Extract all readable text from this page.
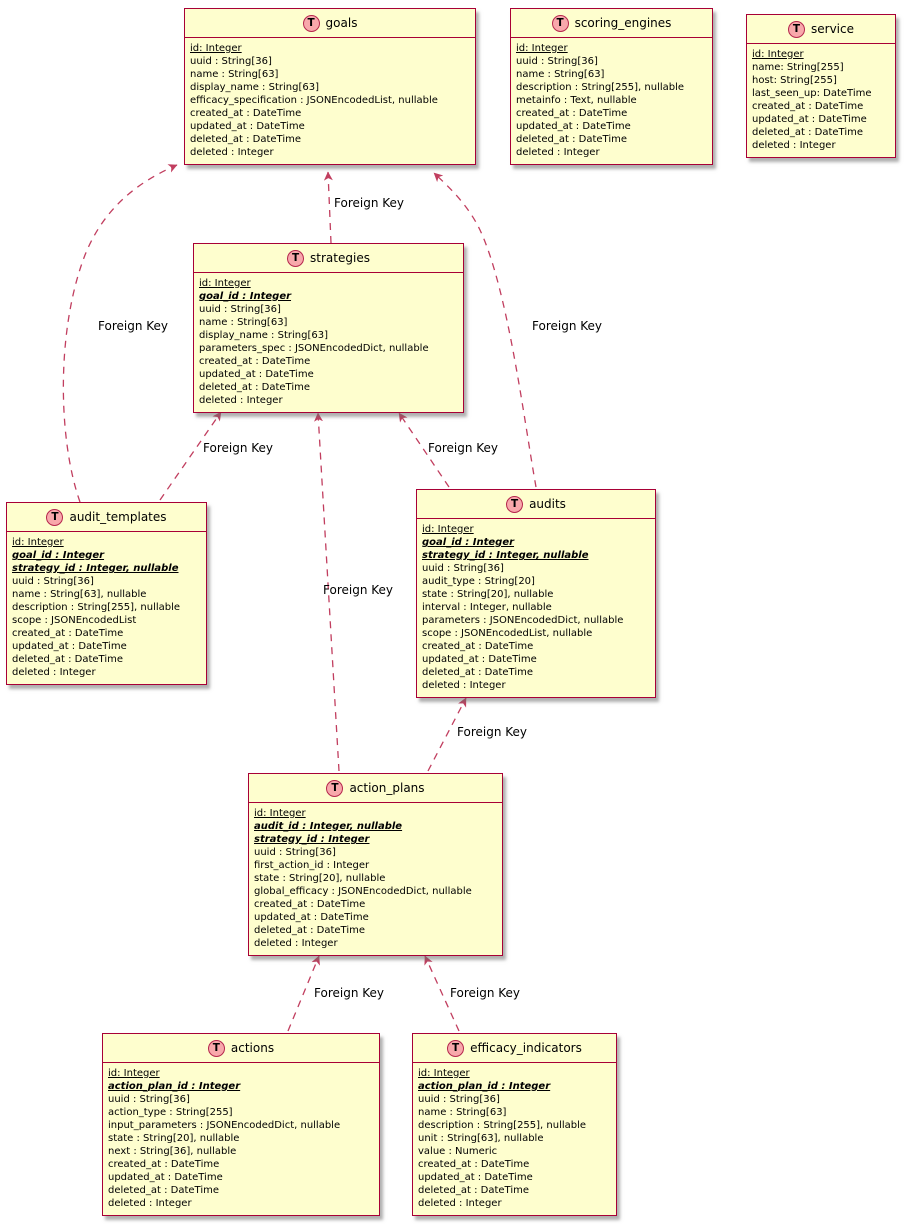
T goals
id: Integer
uuid : String[36]
name : String[63]
display_name : String[63]
efficacy_specification : JSONEncodedList, nullable
created_at : DateTime
updated_at : DateTime
deleted_at : DateTime
deleted : Integer
T scoring_engines
id: Integer
uuid : String[36]
name : String[63]
description : String[255], nullable
metainfo : Text, nullable
created_at : DateTime
updated_at : DateTime
deleted_at : DateTime
deleted : Integer
T service
id: Integer
name: String[255]
host: String[255]
last_seen_up: DateTime
created_at : DateTime
updated_at : DateTime
deleted_at : DateTime
deleted : Integer
T strategies
id: Integer
goal_id : Integer
uuid : String[36]
name : String[63]
display_name : String[63]
parameters_spec : JSONEncodedDict, nullable
created_at : DateTime
updated_at : DateTime
deleted_at : DateTime
deleted : Integer
T audit_templates
id: Integer
goal_id : Integer
strategy_id : Integer, nullable
uuid : String[36]
name : String[63], nullable
description : String[255], nullable
scope : JSONEncodedList
created_at : DateTime
updated_at : DateTime
deleted_at : DateTime
deleted : Integer
T audits
id: Integer
goal_id : Integer
strategy_id : Integer, nullable
uuid : String[36]
audit_type : String[20]
state : String[20], nullable
interval : Integer, nullable
parameters : JSONEncodedDict, nullable
scope : JSONEncodedList, nullable
created_at : DateTime
updated_at : DateTime
deleted_at : DateTime
deleted : Integer
T action_plans
id: Integer
audit_id : Integer, nullable
strategy_id : Integer
uuid : String[36]
first_action_id : Integer
state : String[20], nullable
global_efficacy : JSONEncodedDict, nullable
created_at : DateTime
updated_at : DateTime
deleted_at : DateTime
deleted : Integer
T actions
id: Integer
action_plan_id : Integer
uuid : String[36]
action_type : String[255]
input_parameters : JSONEncodedDict, nullable
state : String[20], nullable
next : String[36], nullable
created_at : DateTime
updated_at : DateTime
deleted_at : DateTime
deleted : Integer
T efficacy_indicators
id: Integer
action_plan_id : Integer
uuid : String[36]
name : String[63]
description : String[255], nullable
unit : String[63], nullable
value : Numeric
created_at : DateTime
updated_at : DateTime
deleted_at : DateTime
deleted : Integer
Foreign Key
Foreign Key	Foreign Key
Foreign Key	Foreign Key
Foreign Key
Foreign Key
Foreign Key	Foreign Key
